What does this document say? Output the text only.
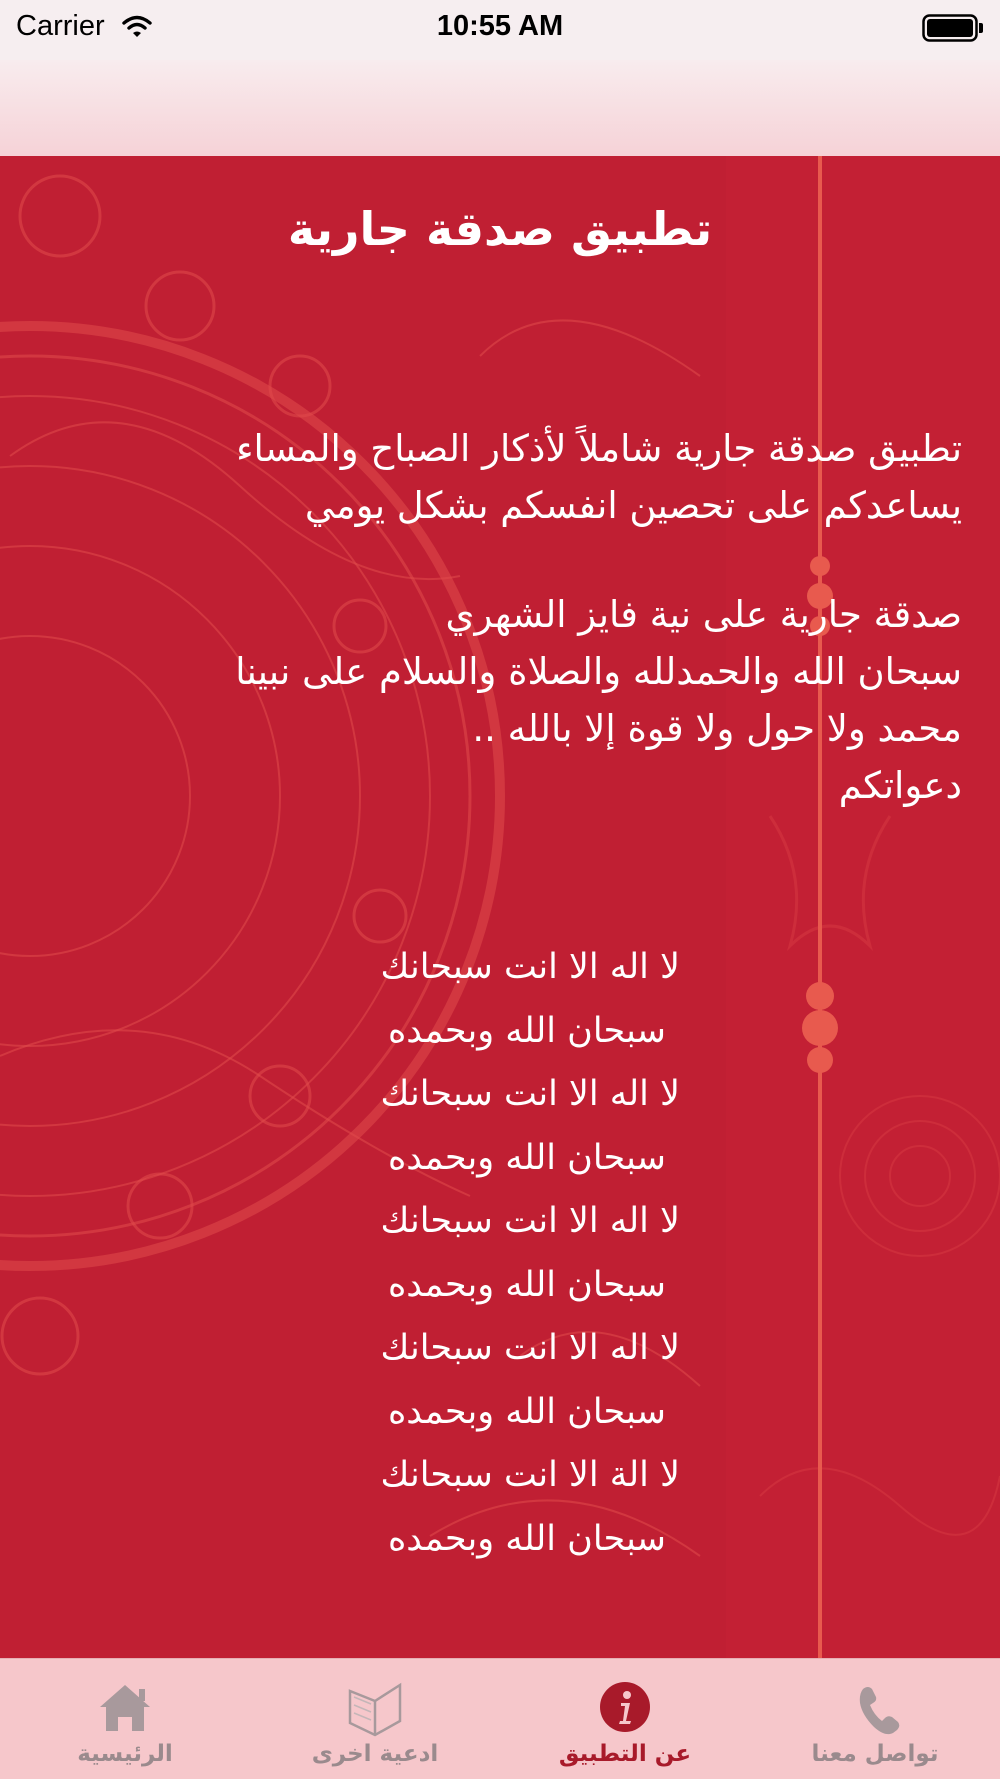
Carrier	10:55 AM
تطبيق صدقة جارية

تطبيق صدقة جارية شاملاً لأذكار الصباح والمساء

يساعدكم على تحصين انفسكم بشكل يومي

صدقة جارية على نية فايز الشهري

سبحان الله والحمدلله والصلاة والسلام على نبينا

محمد ولا حول ولا قوة إلا بالله ..

دعواتكم

لا اله الا انت سبحانك
سبحان الله وبحمده
لا اله الا انت سبحانك
سبحان الله وبحمده
لا اله الا انت سبحانك
سبحان الله وبحمده
لا اله الا انت سبحانك
سبحان الله وبحمده
لا الة الا انت سبحانك
سبحان الله وبحمده
الرئيسية	ادعية اخرى	عن التطبيق	تواصل معنا
